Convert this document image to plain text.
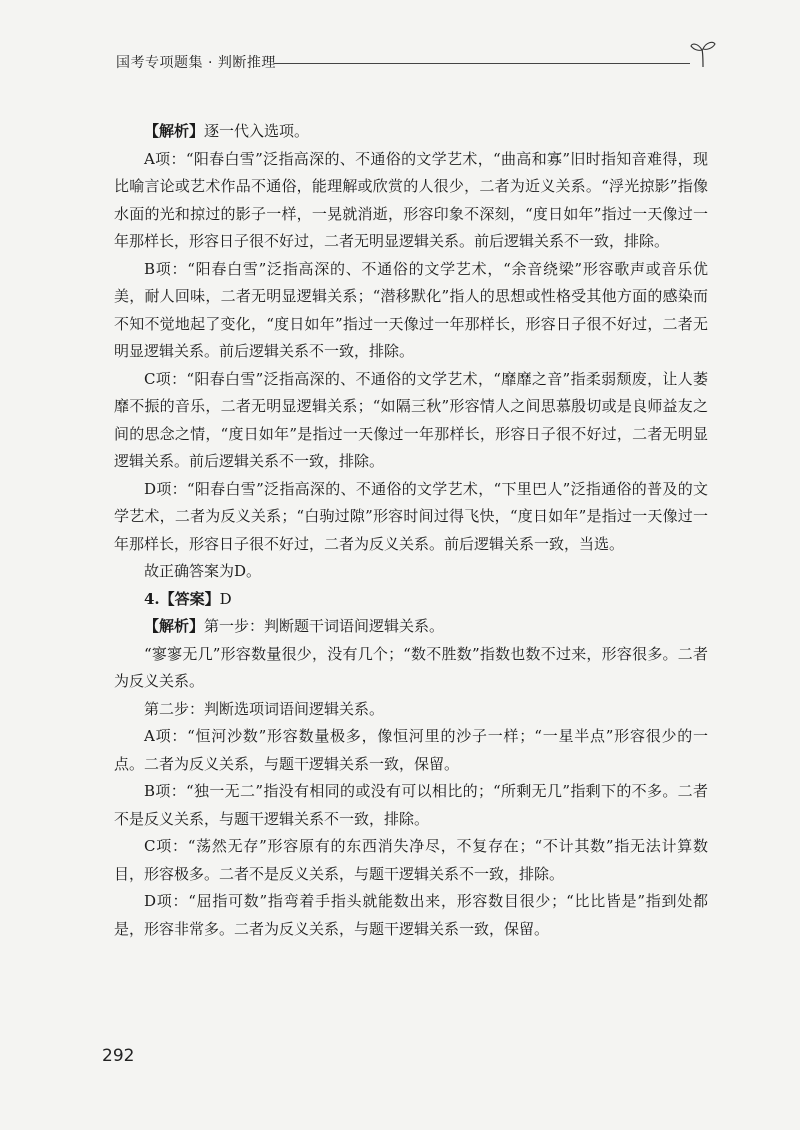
国考专项题集 · 判断推理

【解析】逐一代入选项。

A项：“阳春白雪”泛指高深的、不通俗的文学艺术，“曲高和寡”旧时指知音难得，现比喻言论或艺术作品不通俗，能理解或欣赏的人很少，二者为近义关系。“浮光掠影”指像水面的光和掠过的影子一样，一晃就消逝，形容印象不深刻，“度日如年”指过一天像过一年那样长，形容日子很不好过，二者无明显逻辑关系。前后逻辑关系不一致，排除。

B项：“阳春白雪”泛指高深的、不通俗的文学艺术，“余音绕梁”形容歌声或音乐优美，耐人回味，二者无明显逻辑关系；“潜移默化”指人的思想或性格受其他方面的感染而不知不觉地起了变化，“度日如年”指过一天像过一年那样长，形容日子很不好过，二者无明显逻辑关系。前后逻辑关系不一致，排除。

C项：“阳春白雪”泛指高深的、不通俗的文学艺术，“靡靡之音”指柔弱颓废，让人萎靡不振的音乐，二者无明显逻辑关系；“如隔三秋”形容情人之间思慕殷切或是良师益友之间的思念之情，“度日如年”是指过一天像过一年那样长，形容日子很不好过，二者无明显逻辑关系。前后逻辑关系不一致，排除。

D项：“阳春白雪”泛指高深的、不通俗的文学艺术，“下里巴人”泛指通俗的普及的文学艺术，二者为反义关系；“白驹过隙”形容时间过得飞快，“度日如年”是指过一天像过一年那样长，形容日子很不好过，二者为反义关系。前后逻辑关系一致，当选。

故正确答案为D。

4.【答案】D

【解析】第一步：判断题干词语间逻辑关系。

“寥寥无几”形容数量很少，没有几个；“数不胜数”指数也数不过来，形容很多。二者为反义关系。

第二步：判断选项词语间逻辑关系。

A项：“恒河沙数”形容数量极多，像恒河里的沙子一样；“一星半点”形容很少的一点。二者为反义关系，与题干逻辑关系一致，保留。

B项：“独一无二”指没有相同的或没有可以相比的；“所剩无几”指剩下的不多。二者不是反义关系，与题干逻辑关系不一致，排除。

C项：“荡然无存”形容原有的东西消失净尽，不复存在；“不计其数”指无法计算数目，形容极多。二者不是反义关系，与题干逻辑关系不一致，排除。

D项：“屈指可数”指弯着手指头就能数出来，形容数目很少；“比比皆是”指到处都是，形容非常多。二者为反义关系，与题干逻辑关系一致，保留。

292
